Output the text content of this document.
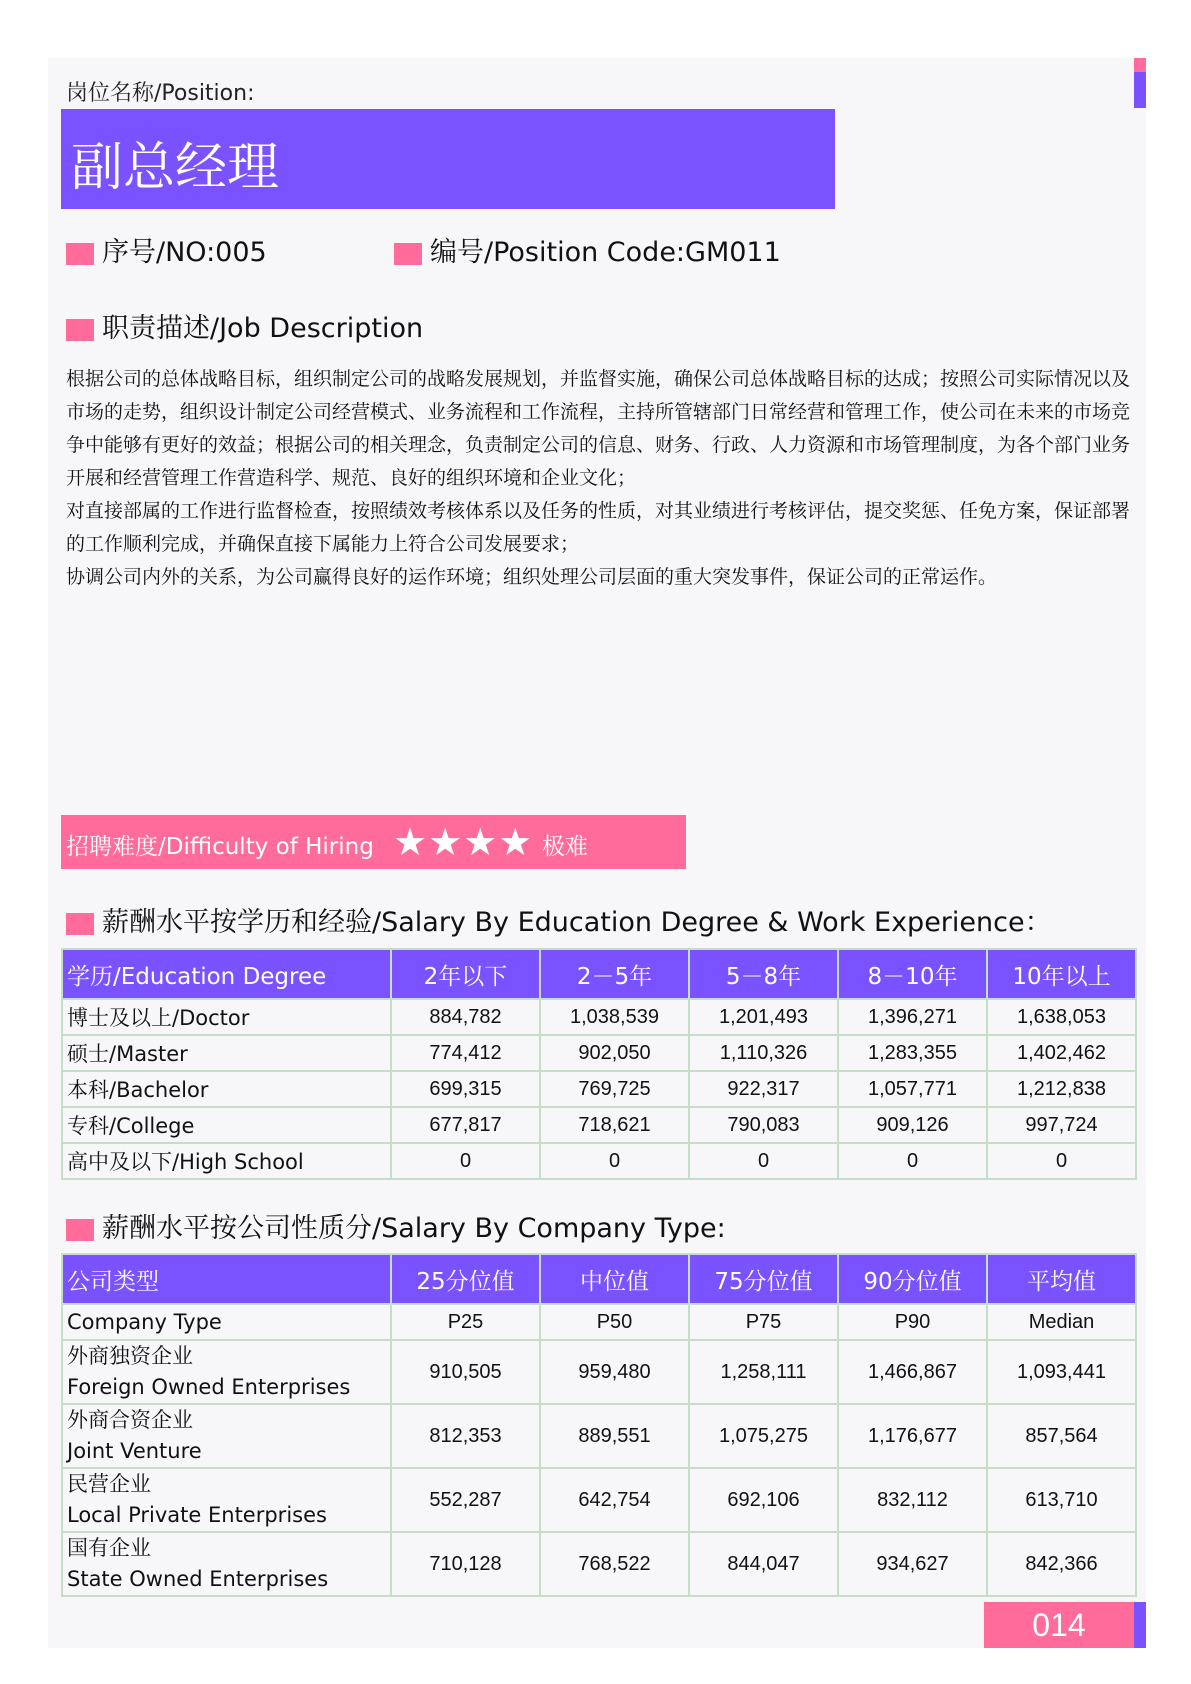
岗位名称/Position:
副总经理
序号/NO:005	编号/Position Code:GM011
职责描述/Job Description

根据公司的总体战略目标，组织制定公司的战略发展规划，并监督实施，确保公司总体战略目标的达成；按照公司实际情况以及市场的走势，组织设计制定公司经营模式、业务流程和工作流程，主持所管辖部门日常经营和管理工作，使公司在未来的市场竞争中能够有更好的效益；根据公司的相关理念，负责制定公司的信息、财务、行政、人力资源和市场管理制度，为各个部门业务开展和经营管理工作营造科学、规范、良好的组织环境和企业文化；

对直接部属的工作进行监督检查，按照绩效考核体系以及任务的性质，对其业绩进行考核评估，提交奖惩、任免方案，保证部署的工作顺利完成，并确保直接下属能力上符合公司发展要求；

协调公司内外的关系，为公司赢得良好的运作环境；组织处理公司层面的重大突发事件，保证公司的正常运作。

招聘难度/Difficulty of Hiring ★★★★ 极难
薪酬水平按学历和经验/Salary By Education Degree & Work Experience：
学历/Education Degree	2年以下	2－5年	5－8年	8－10年	10年以上
博士及以上/Doctor	884,782	1,038,539	1,201,493	1,396,271	1,638,053
硕士/Master	774,412	902,050	1,110,326	1,283,355	1,402,462
本科/Bachelor	699,315	769,725	922,317	1,057,771	1,212,838
专科/College	677,817	718,621	790,083	909,126	997,724
高中及以下/High School	0	0	0	0	0
薪酬水平按公司性质分/Salary By Company Type:
公司类型	25分位值	中位值	75分位值	90分位值	平均值
Company Type	P25	P50	P75	P90	Median

外商独资企业
Foreign Owned Enterprises	910,505	959,480	1,258,111	1,466,867	1,093,441

外商合资企业
Joint Venture	812,353	889,551	1,075,275	1,176,677	857,564

民营企业
Local Private Enterprises	552,287	642,754	692,106	832,112	613,710

国有企业
State Owned Enterprises	710,128	768,522	844,047	934,627	842,366
014
